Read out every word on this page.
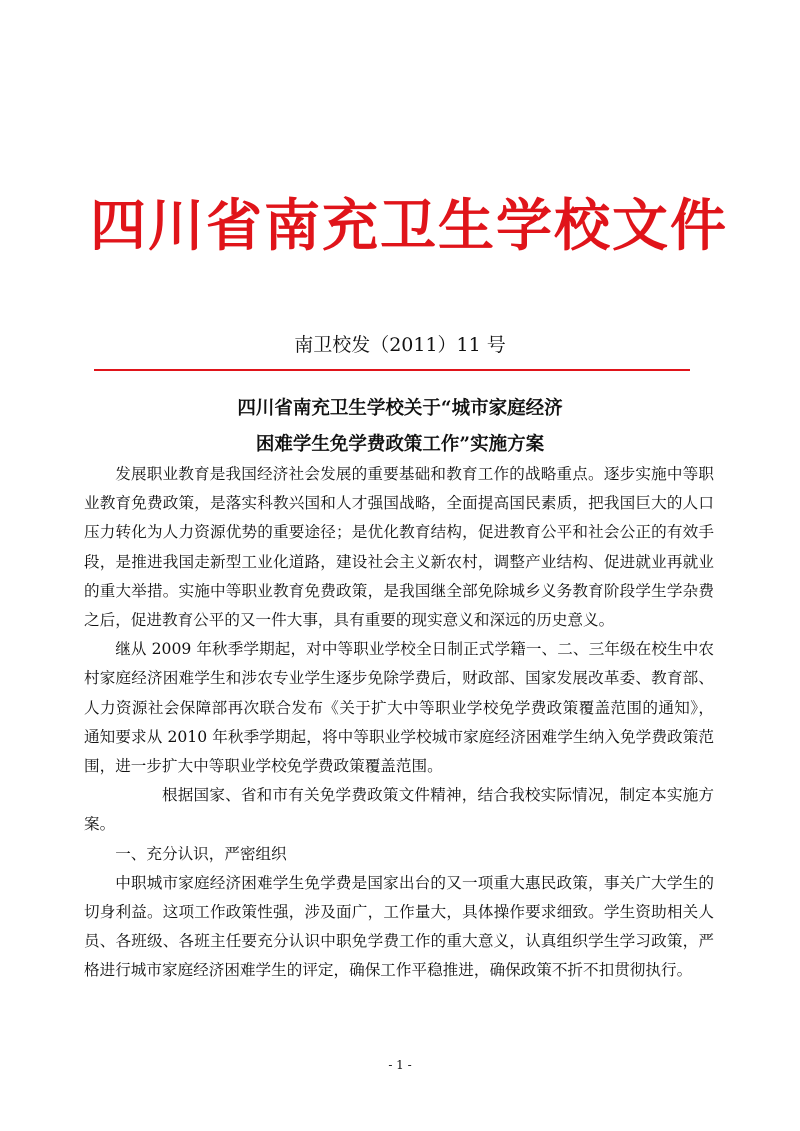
四川省南充卫生学校文件
南卫校发（2011）11 号
四川省南充卫生学校关于“城市家庭经济
困难学生免学费政策工作”实施方案

发展职业教育是我国经济社会发展的重要基础和教育工作的战略重点。逐步实施中等职业教育免费政策，是落实科教兴国和人才强国战略，全面提高国民素质，把我国巨大的人口压力转化为人力资源优势的重要途径；是优化教育结构，促进教育公平和社会公正的有效手段，是推进我国走新型工业化道路，建设社会主义新农村，调整产业结构、促进就业再就业的重大举措。实施中等职业教育免费政策，是我国继全部免除城乡义务教育阶段学生学杂费之后，促进教育公平的又一件大事，具有重要的现实意义和深远的历史意义。

继从 2009 年秋季学期起，对中等职业学校全日制正式学籍一、二、三年级在校生中农村家庭经济困难学生和涉农专业学生逐步免除学费后，财政部、国家发展改革委、教育部、人力资源社会保障部再次联合发布《关于扩大中等职业学校免学费政策覆盖范围的通知》，通知要求从 2010 年秋季学期起，将中等职业学校城市家庭经济困难学生纳入免学费政策范围，进一步扩大中等职业学校免学费政策覆盖范围。

根据国家、省和市有关免学费政策文件精神，结合我校实际情况，制定本实施方案。

一、充分认识，严密组织

中职城市家庭经济困难学生免学费是国家出台的又一项重大惠民政策，事关广大学生的切身利益。这项工作政策性强，涉及面广，工作量大，具体操作要求细致。学生资助相关人员、各班级、各班主任要充分认识中职免学费工作的重大意义，认真组织学生学习政策，严格进行城市家庭经济困难学生的评定，确保工作平稳推进，确保政策不折不扣贯彻执行。

- 1 -
